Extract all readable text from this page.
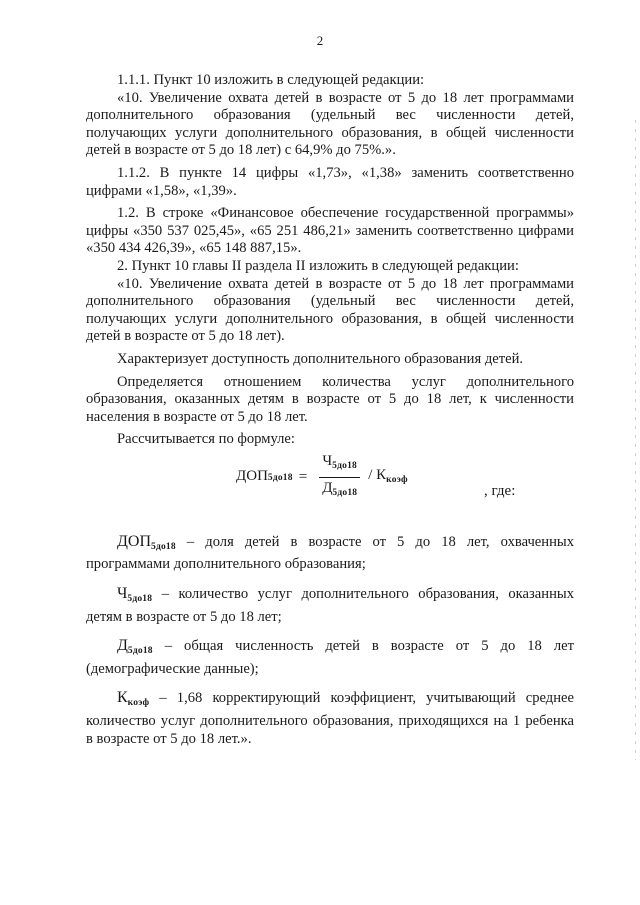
2

1.1.1. Пункт 10 изложить в следующей редакции:

«10. Увеличение охвата детей в возрасте от 5 до 18 лет программами дополнительного образования (удельный вес численности детей, получающих услуги дополнительного образования, в общей численности детей в возрасте от 5 до 18 лет) с 64,9% до 75%.».

1.1.2. В пункте 14 цифры «1,73», «1,38» заменить соответственно цифрами «1,58», «1,39».

1.2. В строке «Финансовое обеспечение государственной программы» цифры «350 537 025,45», «65 251 486,21» заменить соответственно цифрами «350 434 426,39», «65 148 887,15».

2. Пункт 10 главы II раздела II изложить в следующей редакции:

«10. Увеличение охвата детей в возрасте от 5 до 18 лет программами дополнительного образования (удельный вес численности детей, получающих услуги дополнительного образования, в общей численности детей в возрасте от 5 до 18 лет).

Характеризует доступность дополнительного образования детей.

Определяется отношением количества услуг дополнительного образования, оказанных детям в возрасте от 5 до 18 лет, к численности населения в возрасте от 5 до 18 лет.

Рассчитывается по формуле:

ДОП $5до18 = \frac{Ч_{5до18}}{Д_{5до18}} / К_{коэф}$
, где:

$ДОП_{5до18}$ – доля детей в возрасте от 5 до 18 лет, охваченных программами дополнительного образования;

$Ч_{5до18}$ – количество услуг дополнительного образования, оказанных детям в возрасте от 5 до 18 лет;

$Д_{5до18}$ – общая численность детей в возрасте от 5 до 18 лет (демографические данные);

$К_{коэф} - 1,68$ корректирующий коэффициент, учитывающий среднее количество услуг дополнительного образования, приходящихся на 1 ребенка в возрасте от 5 до 18 лет.».
